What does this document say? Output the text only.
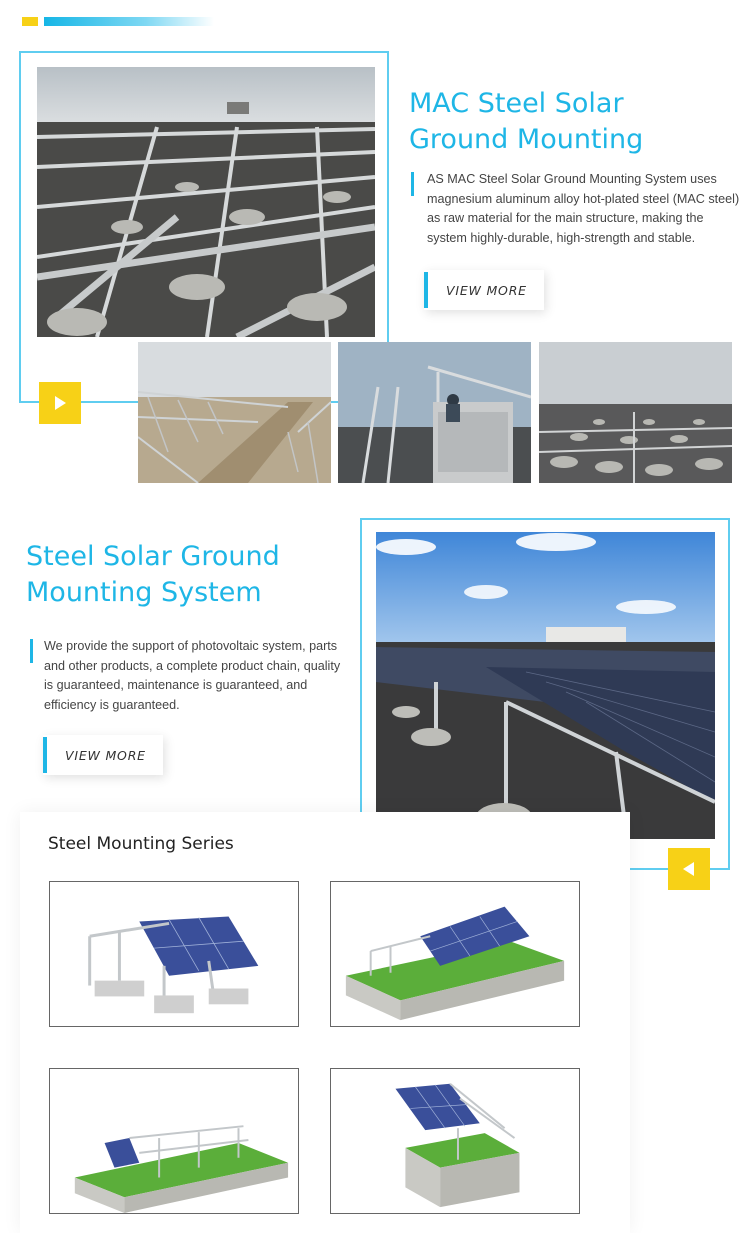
MAC Steel Solar
Ground Mounting
AS MAC Steel Solar Ground Mounting System uses magnesium aluminum alloy hot-plated steel (MAC steel) as raw material for the main structure, making the system highly-durable, high-strength and stable.
VIEW MORE
Steel Solar Ground
Mounting System
We provide the support of photovoltaic system, parts and other products, a complete product chain, quality is guaranteed, maintenance is guaranteed, and efficiency is guaranteed.
VIEW MORE
Steel Mounting Series
